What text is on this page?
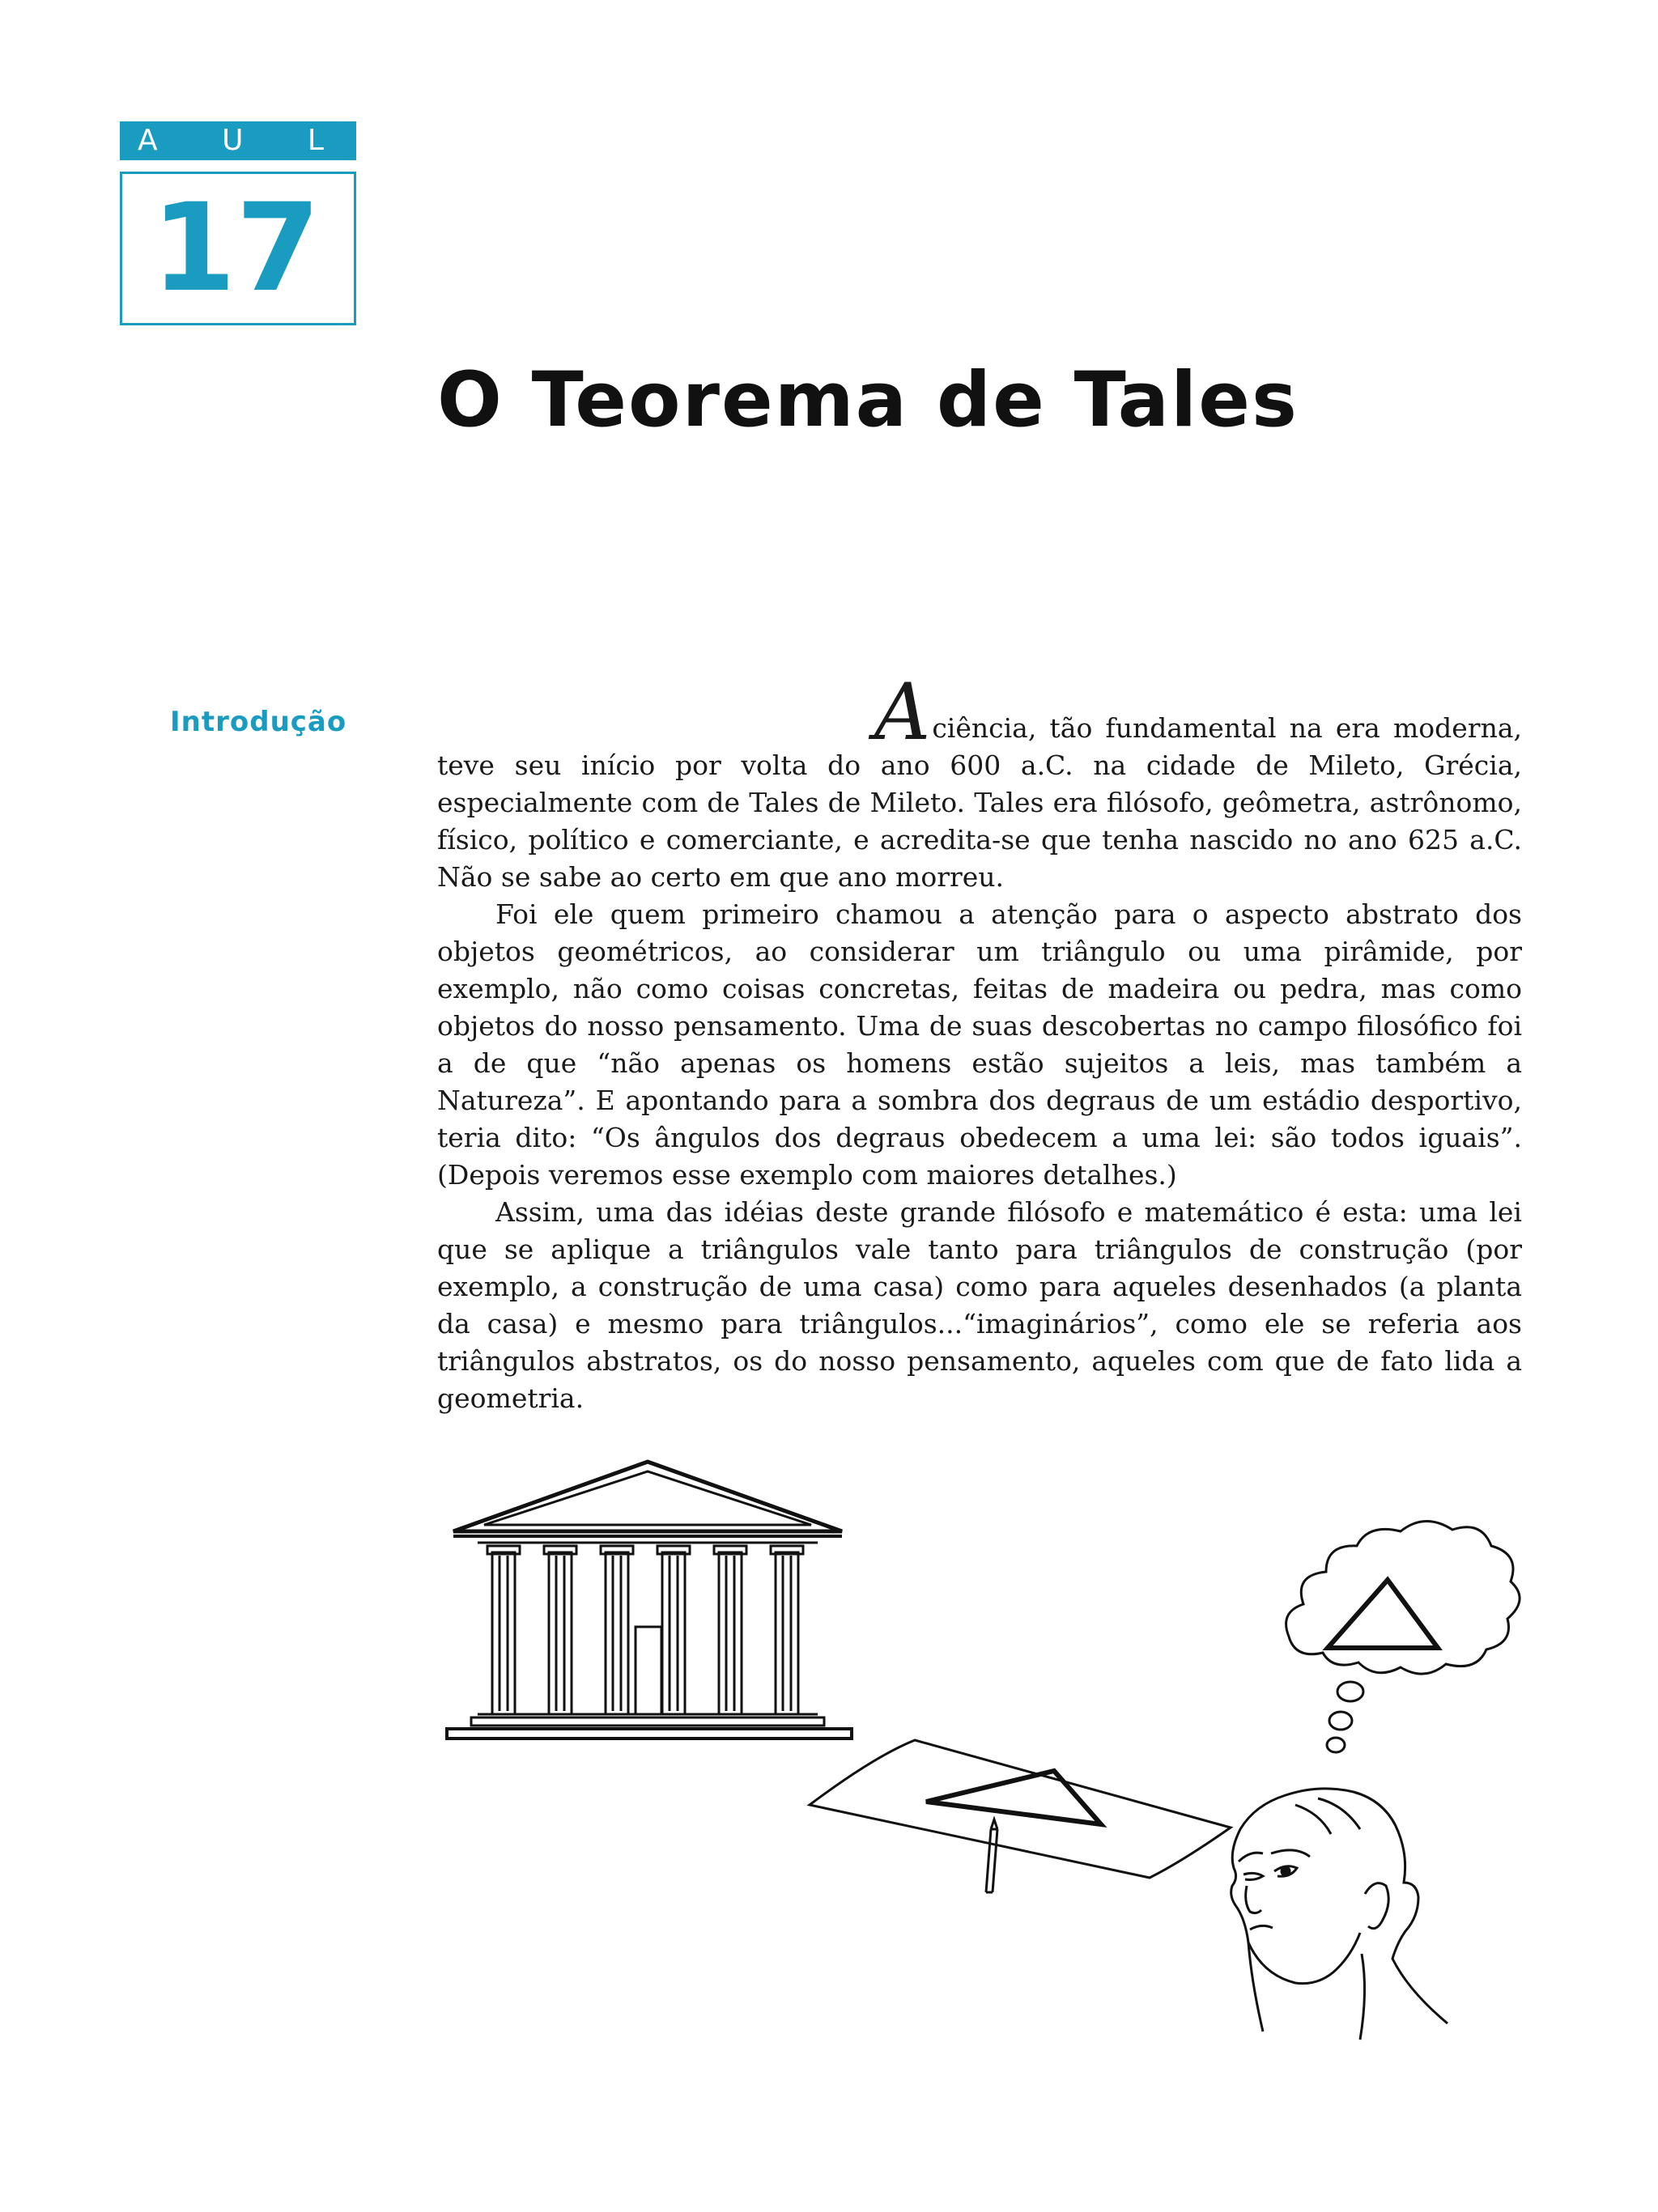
A U L A
17
O Teorema de Tales
Introdução	Aciência, tão fundamental na era moderna, teve seu início por volta do ano 600 a.C. na cidade de Mileto, Grécia, especialmente com de Tales de Mileto. Tales era filósofo, geômetra, astrônomo, físico, político e comerciante, e acredita-se que tenha nascido no ano 625 a.C. Não se sabe ao certo em que ano morreu.

Foi ele quem primeiro chamou a atenção para o aspecto abstrato dos objetos geométricos, ao considerar um triângulo ou uma pirâmide, por exemplo, não como coisas concretas, feitas de madeira ou pedra, mas como objetos do nosso pensamento. Uma de suas descobertas no campo filosófico foi a de que “não apenas os homens estão sujeitos a leis, mas também a Natureza”. E apontando para a sombra dos degraus de um estádio desportivo, teria dito: “Os ângulos dos degraus obedecem a uma lei: são todos iguais”. (Depois veremos esse exemplo com maiores detalhes.)

Assim, uma das idéias deste grande filósofo e matemático é esta: uma lei que se aplique a triângulos vale tanto para triângulos de construção (por exemplo, a construção de uma casa) como para aqueles desenhados (a planta da casa) e mesmo para triângulos...“imaginários”, como ele se referia aos triângulos abstratos, os do nosso pensamento, aqueles com que de fato lida a geometria.
